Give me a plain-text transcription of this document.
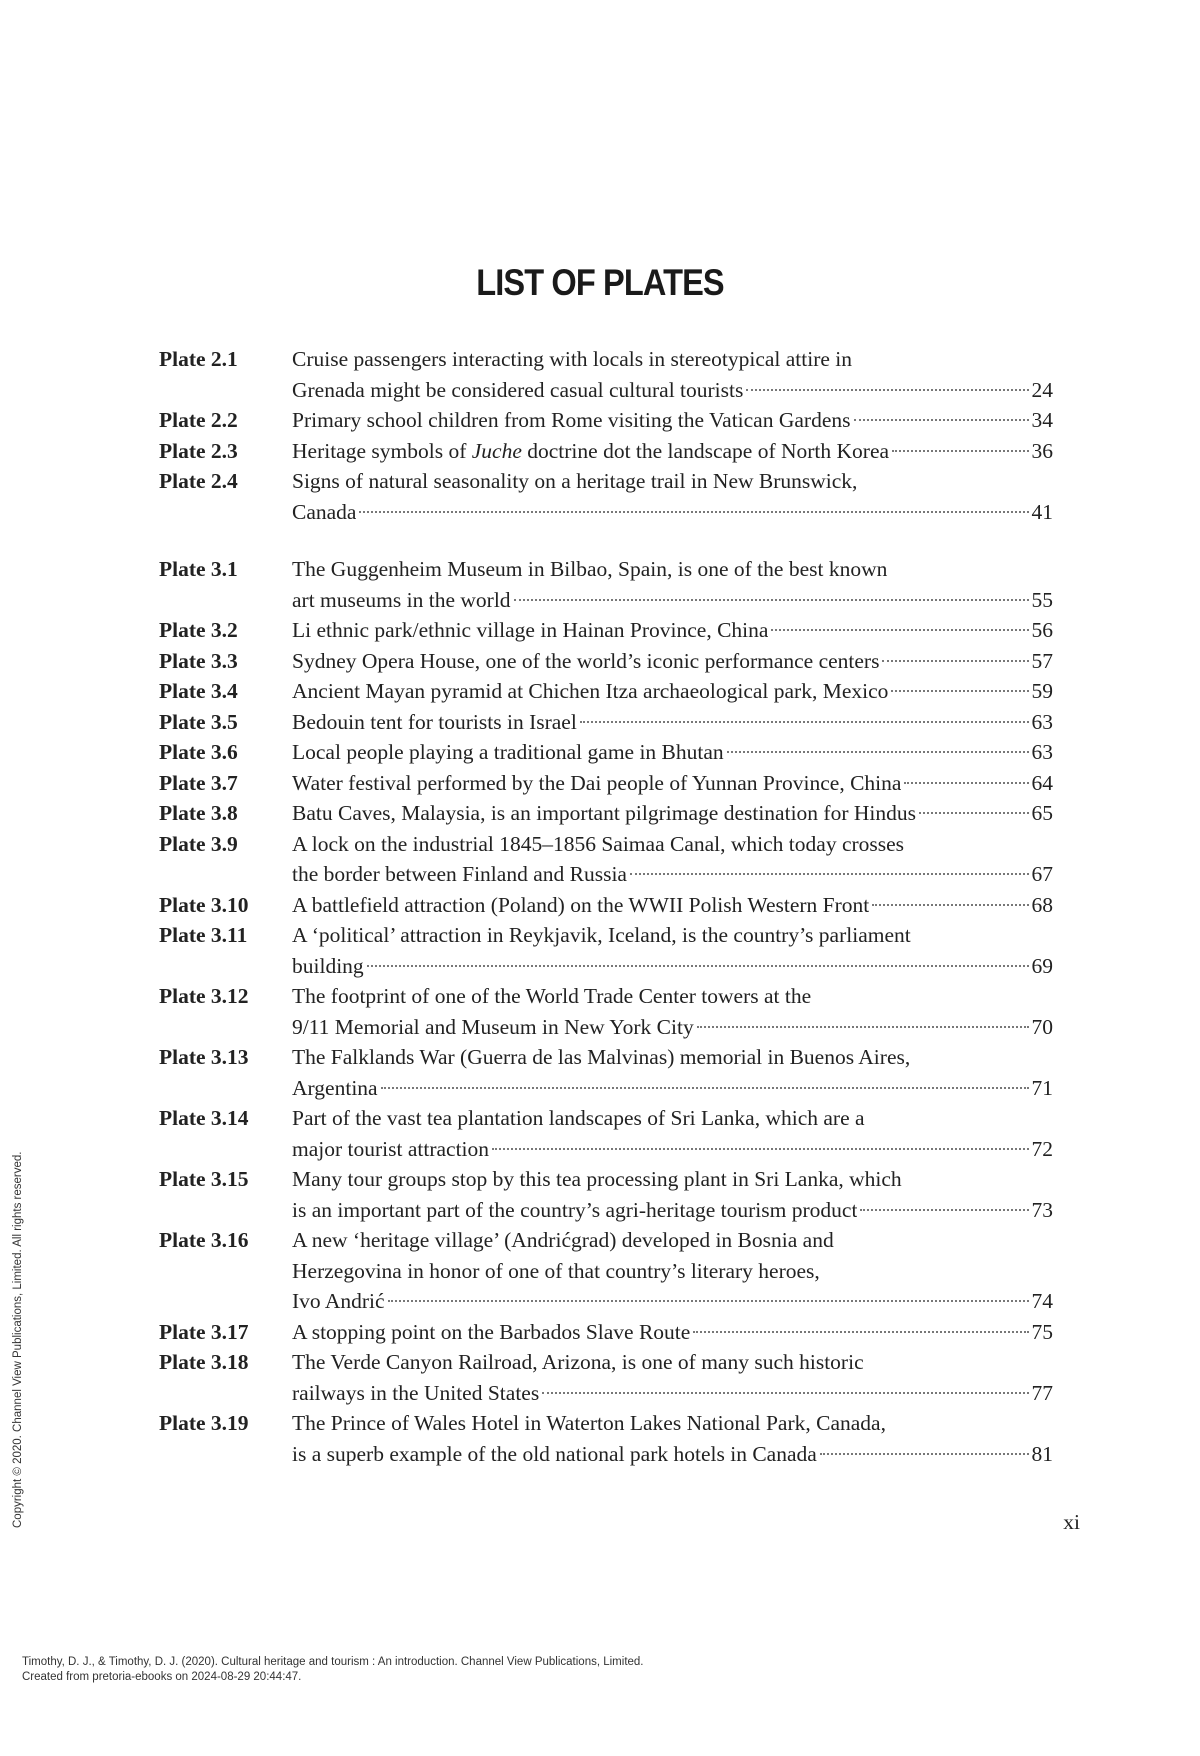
LIST OF PLATES
Plate 2.1	Cruise passengers interacting with locals in stereotypical attire in
Grenada might be considered casual cultural tourists	24
Plate 2.2	Primary school children from Rome visiting the Vatican Gardens	34
Plate 2.3	Heritage symbols of Juche doctrine dot the landscape of North Korea	36
Plate 2.4	Signs of natural seasonality on a heritage trail in New Brunswick,
Canada	41
Plate 3.1	The Guggenheim Museum in Bilbao, Spain, is one of the best known
art museums in the world	55
Plate 3.2	Li ethnic park/ethnic village in Hainan Province, China	56
Plate 3.3	Sydney Opera House, one of the world’s iconic performance centers	57
Plate 3.4	Ancient Mayan pyramid at Chichen Itza archaeological park, Mexico	59
Plate 3.5	Bedouin tent for tourists in Israel	63
Plate 3.6	Local people playing a traditional game in Bhutan	63
Plate 3.7	Water festival performed by the Dai people of Yunnan Province, China	64
Plate 3.8	Batu Caves, Malaysia, is an important pilgrimage destination for Hindus	65
Plate 3.9	A lock on the industrial 1845–1856 Saimaa Canal, which today crosses
the border between Finland and Russia	67
Plate 3.10	A battlefield attraction (Poland) on the WWII Polish Western Front	68
Plate 3.11	A ‘political’ attraction in Reykjavik, Iceland, is the country’s parliament
building	69
Plate 3.12	The footprint of one of the World Trade Center towers at the
9/11 Memorial and Museum in New York City	70
Plate 3.13	The Falklands War (Guerra de las Malvinas) memorial in Buenos Aires,
Argentina	71
Plate 3.14	Part of the vast tea plantation landscapes of Sri Lanka, which are a
major tourist attraction	72
Plate 3.15	Many tour groups stop by this tea processing plant in Sri Lanka, which
is an important part of the country’s agri-heritage tourism product	73
Plate 3.16	A new ‘heritage village’ (Andrićgrad) developed in Bosnia and
Herzegovina in honor of one of that country’s literary heroes,
Ivo Andrić	74
Plate 3.17	A stopping point on the Barbados Slave Route	75
Plate 3.18	The Verde Canyon Railroad, Arizona, is one of many such historic
railways in the United States	77
Plate 3.19	The Prince of Wales Hotel in Waterton Lakes National Park, Canada,
is a superb example of the old national park hotels in Canada	81
xi
Copyright © 2020. Channel View Publications, Limited. All rights reserved.
Timothy, D. J., & Timothy, D. J. (2020). Cultural heritage and tourism : An introduction. Channel View Publications, Limited.
Created from pretoria-ebooks on 2024-08-29 20:44:47.
